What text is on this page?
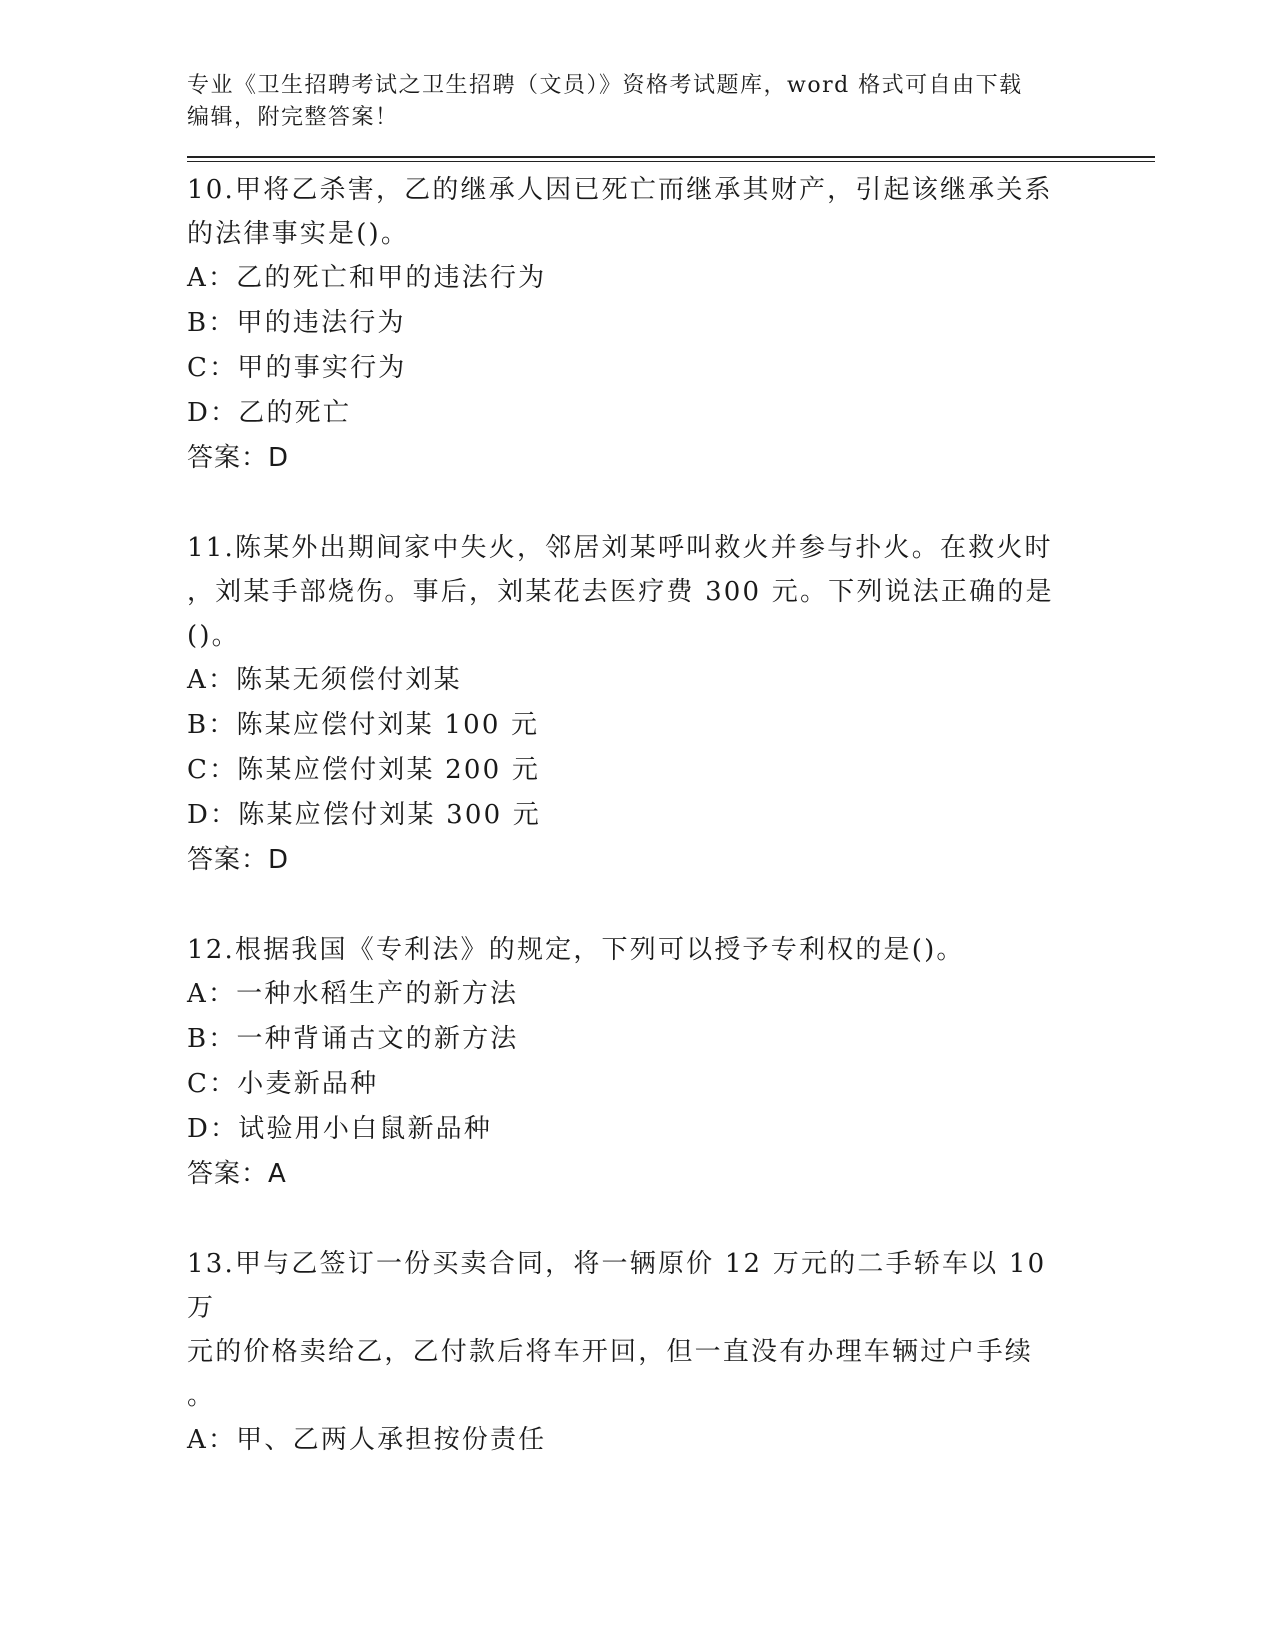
专业《卫生招聘考试之卫生招聘（文员）》资格考试题库，word 格式可自由下载
编辑，附完整答案！
10.甲将乙杀害，乙的继承人因已死亡而继承其财产，引起该继承关系
的法律事实是()。
A：乙的死亡和甲的违法行为
B：甲的违法行为
C：甲的事实行为
D：乙的死亡
答案：D
11.陈某外出期间家中失火，邻居刘某呼叫救火并参与扑火。在救火时
，刘某手部烧伤。事后，刘某花去医疗费 300 元。下列说法正确的是
()。
A：陈某无须偿付刘某
B：陈某应偿付刘某 100 元
C：陈某应偿付刘某 200 元
D：陈某应偿付刘某 300 元
答案：D
12.根据我国《专利法》的规定，下列可以授予专利权的是()。
A：一种水稻生产的新方法
B：一种背诵古文的新方法
C：小麦新品种
D：试验用小白鼠新品种
答案：A
13.甲与乙签订一份买卖合同，将一辆原价 12 万元的二手轿车以 10 万
元的价格卖给乙，乙付款后将车开回，但一直没有办理车辆过户手续
。
A：甲、乙两人承担按份责任
